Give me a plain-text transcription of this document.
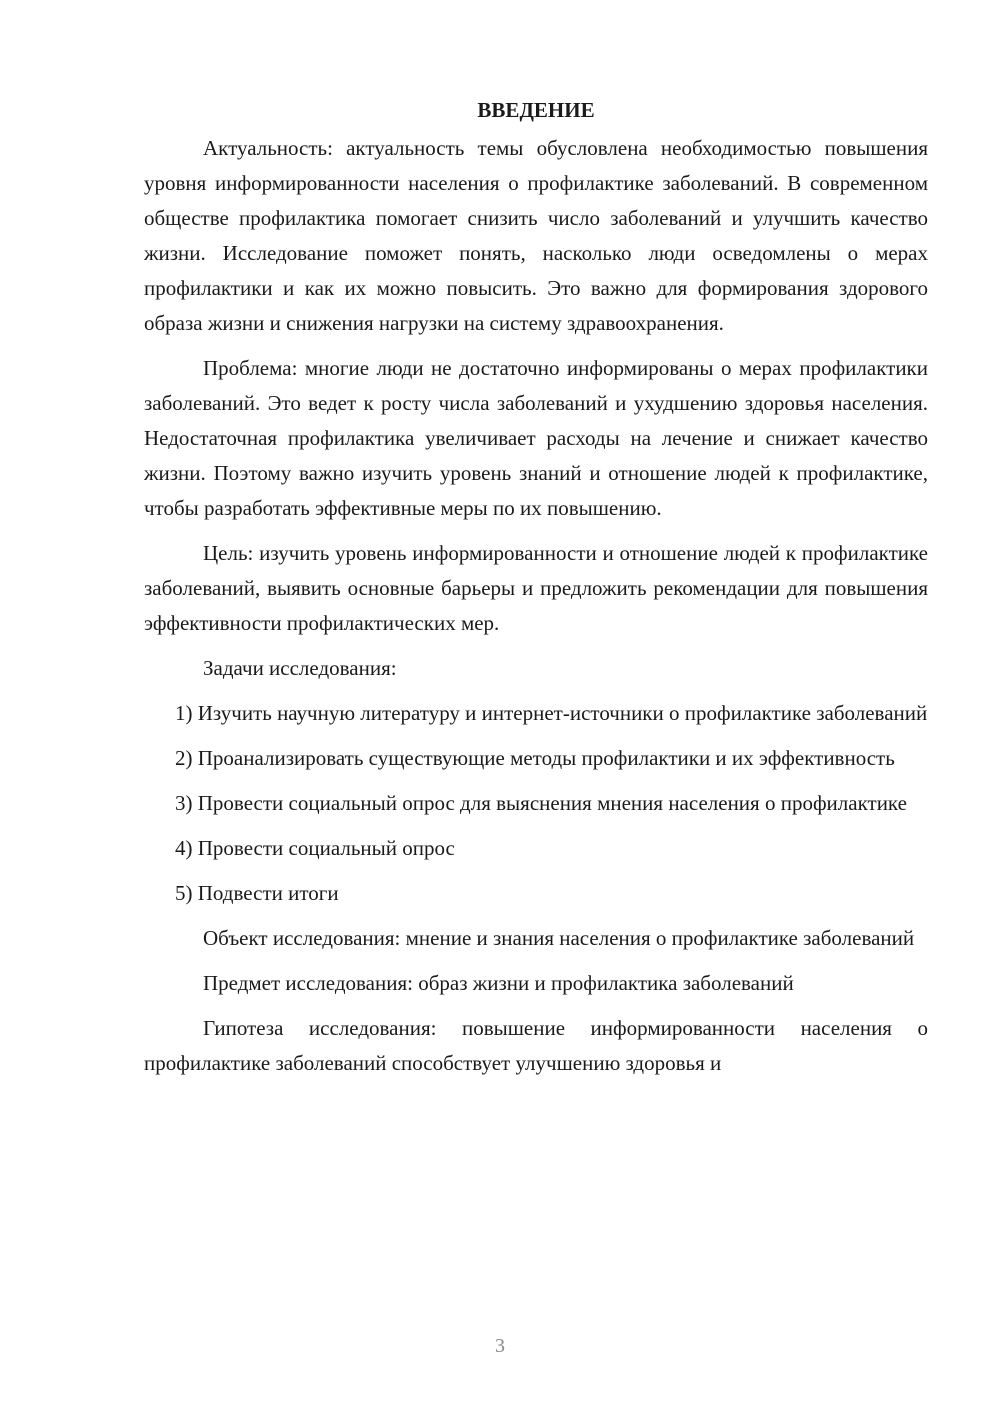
ВВЕДЕНИЕ

Актуальность: актуальность темы обусловлена необходимостью повышения уровня информированности населения о профилактике заболеваний. В современном обществе профилактика помогает снизить число заболеваний и улучшить качество жизни. Исследование поможет понять, насколько люди осведомлены о мерах профилактики и как их можно повысить. Это важно для формирования здорового образа жизни и снижения нагрузки на систему здравоохранения.

Проблема: многие люди не достаточно информированы о мерах профилактики заболеваний. Это ведет к росту числа заболеваний и ухудшению здоровья населения. Недостаточная профилактика увеличивает расходы на лечение и снижает качество жизни. Поэтому важно изучить уровень знаний и отношение людей к профилактике, чтобы разработать эффективные меры по их повышению.

Цель: изучить уровень информированности и отношение людей к профилактике заболеваний, выявить основные барьеры и предложить рекомендации для повышения эффективности профилактических мер.

Задачи исследования:

1) Изучить научную литературу и интернет-источники о профилактике заболеваний

2) Проанализировать существующие методы профилактики и их эффективность

3) Провести социальный опрос для выяснения мнения населения о профилактике

4) Провести социальный опрос

5) Подвести итоги

Объект исследования: мнение и знания населения о профилактике заболеваний

Предмет исследования: образ жизни и профилактика заболеваний

Гипотеза исследования: повышение информированности населения о профилактике заболеваний способствует улучшению здоровья и

3
